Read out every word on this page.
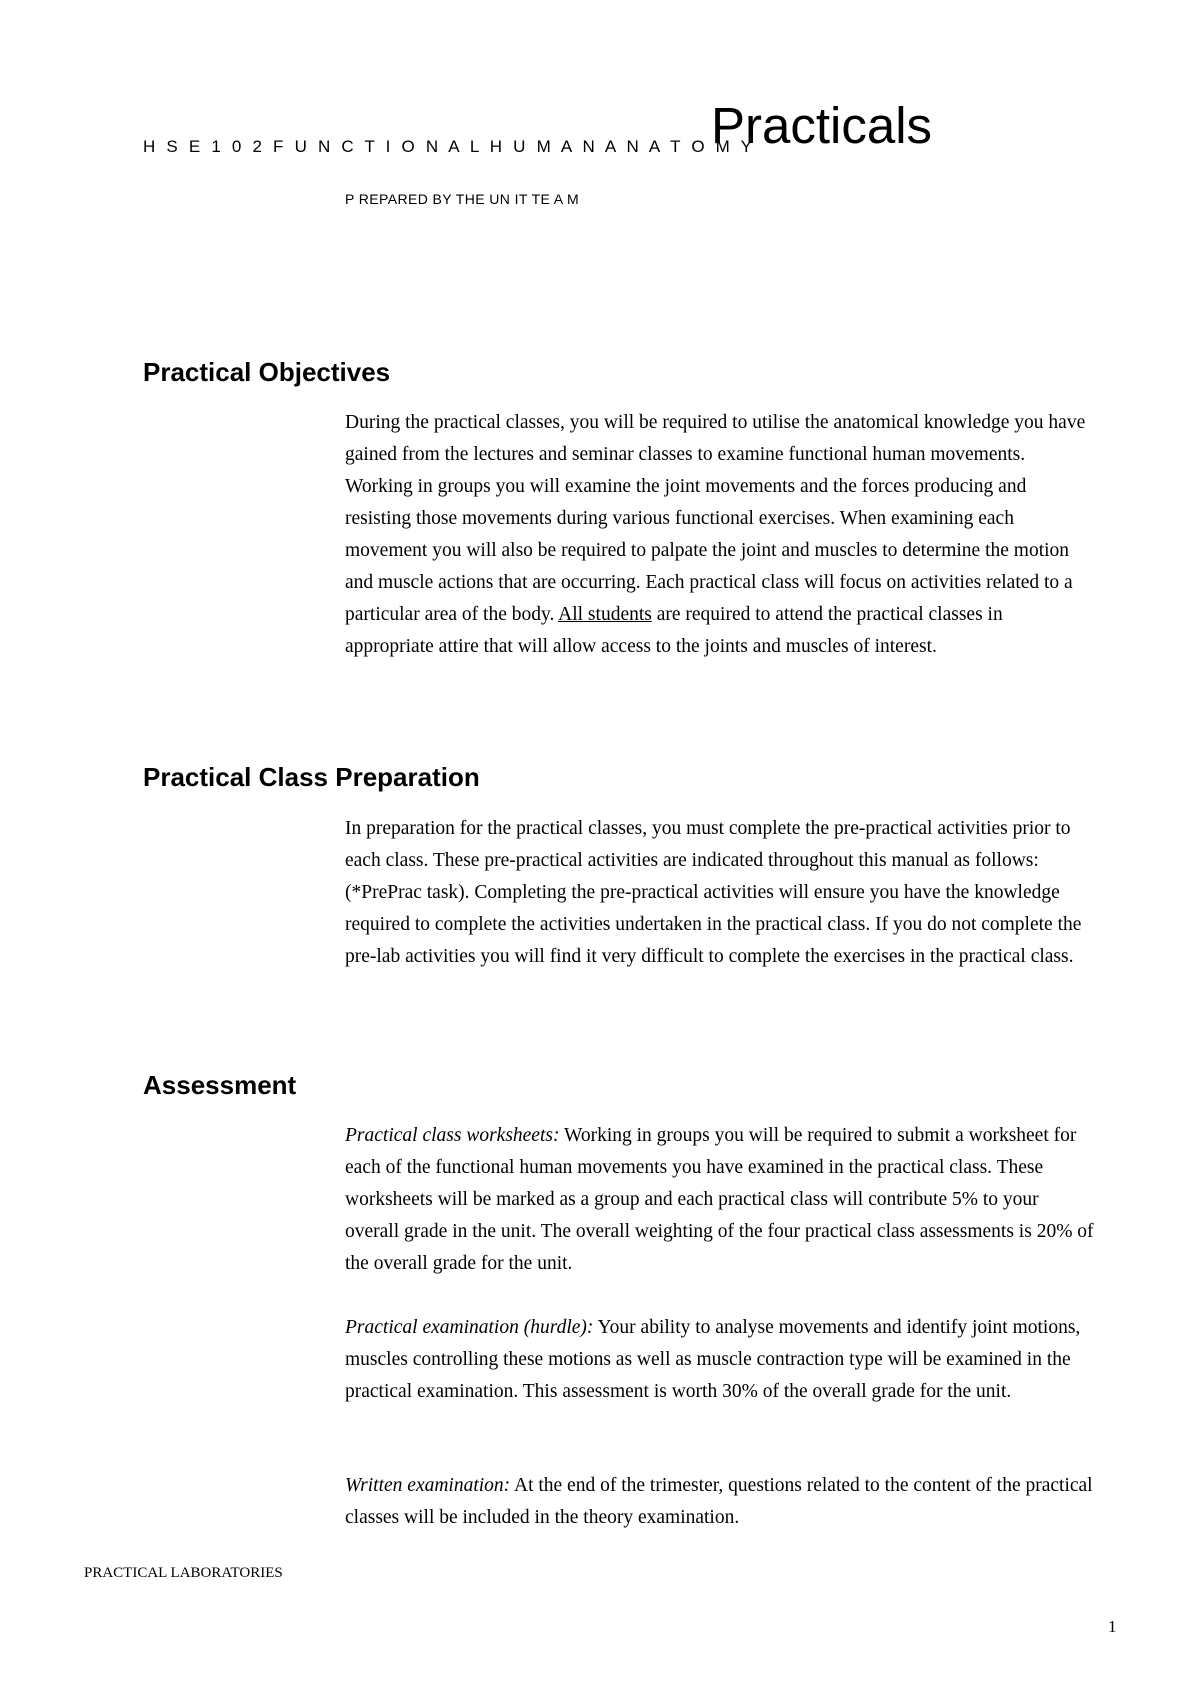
H S E 1 0 2 F U N C T I O N A L H U M A N A N A T O M Y
Practicals
P REPARED BY THE UN IT TE A M
Practical Objectives

During the practical classes, you will be required to utilise the anatomical knowledge you have gained from the lectures and seminar classes to examine functional human movements. Working in groups you will examine the joint movements and the forces producing and resisting those movements during various functional exercises. When examining each movement you will also be required to palpate the joint and muscles to determine the motion and muscle actions that are occurring. Each practical class will focus on activities related to a particular area of the body. All students are required to attend the practical classes in appropriate attire that will allow access to the joints and muscles of interest.

Practical Class Preparation

In preparation for the practical classes, you must complete the pre-practical activities prior to each class. These pre-practical activities are indicated throughout this manual as follows: (*PrePrac task). Completing the pre-practical activities will ensure you have the knowledge required to complete the activities undertaken in the practical class. If you do not complete the pre-lab activities you will find it very difficult to complete the exercises in the practical class.

Assessment

Practical class worksheets: Working in groups you will be required to submit a worksheet for each of the functional human movements you have examined in the practical class. These worksheets will be marked as a group and each practical class will contribute 5% to your overall grade in the unit. The overall weighting of the four practical class assessments is 20% of the overall grade for the unit.

Practical examination (hurdle): Your ability to analyse movements and identify joint motions, muscles controlling these motions as well as muscle contraction type will be examined in the practical examination. This assessment is worth 30% of the overall grade for the unit.

Written examination: At the end of the trimester, questions related to the content of the practical classes will be included in the theory examination.

PRACTICAL LABORATORIES
1
